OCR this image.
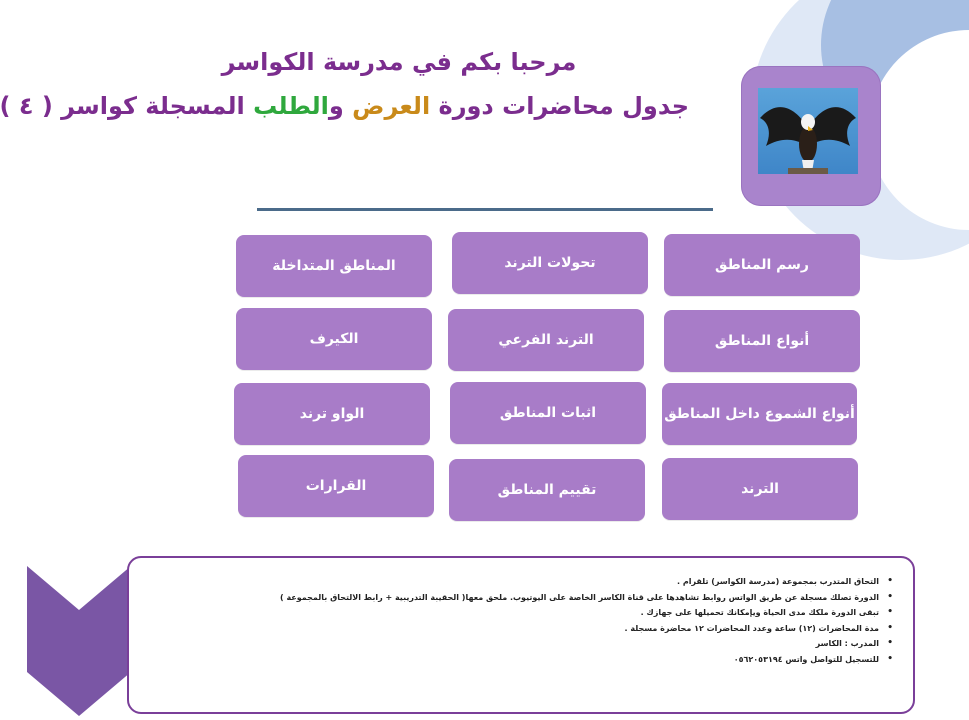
مرحبا بكم في مدرسة الكواسر
جدول محاضرات دورة العرض والطلب المسجلة كواسر ( ٤ )
رسم المناطق
أنواع المناطق
أنواع الشموع داخل المناطق
الترند
تحولات الترند
الترند الفرعي
اثبات المناطق
تقييم المناطق
المناطق المتداخلة
الكيرف
الواو ترند
القرارات
•
التحاق المتدرب بمجموعة (مدرسة الكواسر) تلقرام .
•
الدورة تصلك مسجلة عن طريق الواتس روابط تشاهدها على قناة الكاسر الخاصة على اليوتيوب. ملحق معها( الحقيبة التدريبية + رابط الالتحاق بالمجموعة )
•
تبقى الدورة ملكك مدى الحياة ويإمكانك تحميلها على جهازك .
•
مدة المحاضرات (١٢) ساعة وعدد المحاضرات ١٢ محاضرة مسجلة .
•
المدرب : الكاسر
•
للتسجيل للتواصل واتس ٠٥٦٢٠٥٣١٩٤
